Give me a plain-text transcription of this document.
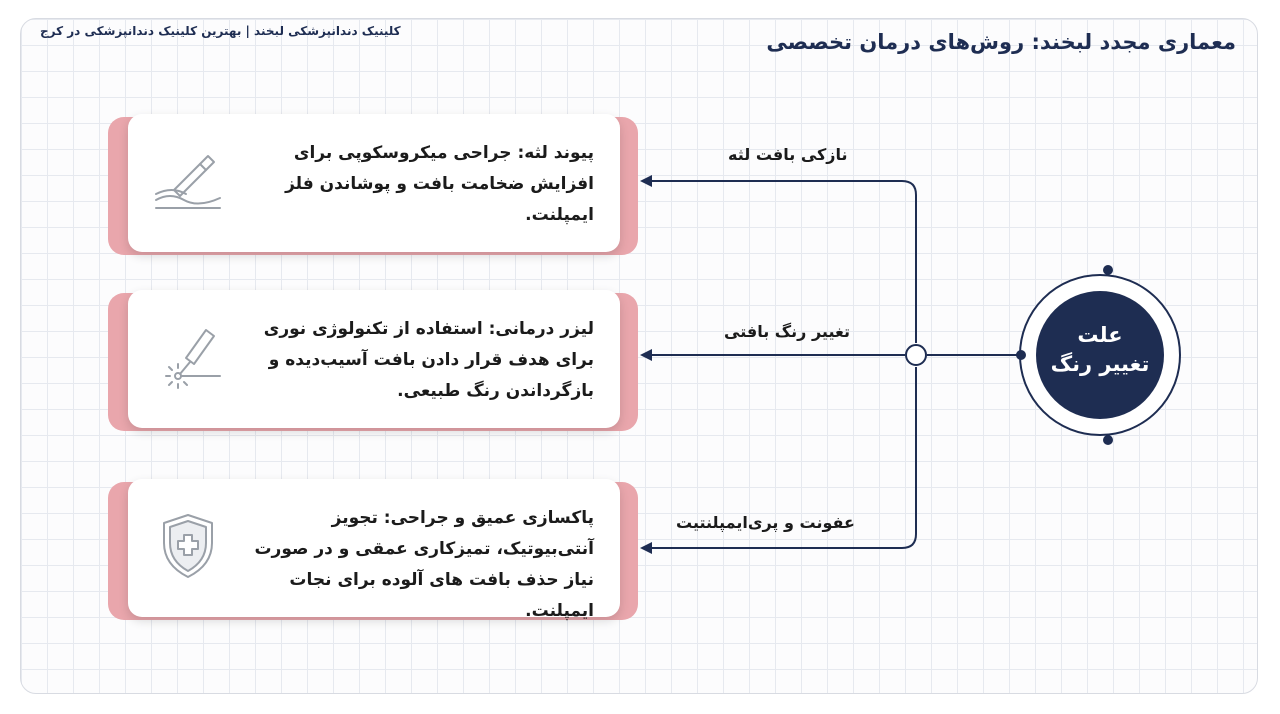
کلینیک دندانپزشکی لبخند | بهترین کلینیک دندانپزشکی در کرج	معماری مجدد لبخند: روش‌های درمان تخصصی
علت
تغییر رنگ
نازکی بافت لثه
تغییر رنگ بافتی
عفونت و پری‌ایمپلنتیت
پیوند لثه: جراحی میکروسکوپی برای افزایش ضخامت بافت و پوشاندن فلز ایمپلنت.
لیزر درمانی: استفاده از تکنولوژی نوری برای هدف قرار دادن بافت آسیب‌دیده و بازگرداندن رنگ طبیعی.
پاکسازی عمیق و جراحی: تجویز آنتی‌بیوتیک، تمیزکاری عمقی و در صورت نیاز حذف بافت های آلوده برای نجات ایمپلنت.
